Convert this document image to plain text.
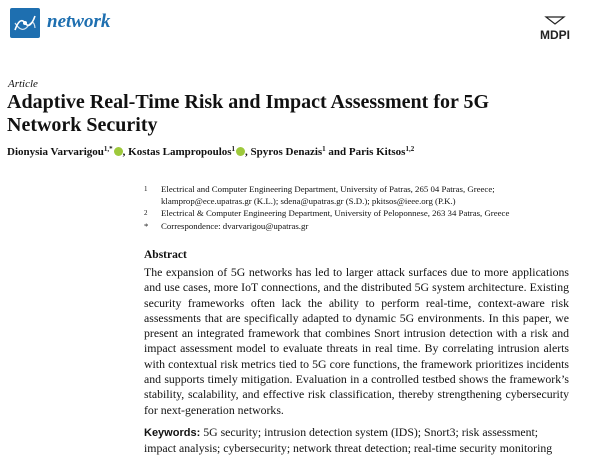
network
MDPI
Article
Adaptive Real-Time Risk and Impact Assessment for 5G Network Security
Dionysia Varvarigou$^{1,*}$ , Kostas Lampropoulos$^1$ , Spyros Denazis$^1$ and Paris Kitsos$^{1,2}$
1 Electrical and Computer Engineering Department, University of Patras, 265 04 Patras, Greece;
klamprop@ece.upatras.gr (K.L.); sdena@upatras.gr (S.D.); pkitsos@ieee.org (P.K.)
2 Electrical & Computer Engineering Department, University of Peloponnese, 263 34 Patras, Greece
* Correspondence: dvarvarigou@upatras.gr
Abstract
The expansion of 5G networks has led to larger attack surfaces due to more applications and use cases, more IoT connections, and the distributed 5G system architecture. Existing security frameworks often lack the ability to perform real-time, context-aware risk assessments that are specifically adapted to dynamic 5G environments. In this paper, we present an integrated framework that combines Snort intrusion detection with a risk and impact assessment model to evaluate threats in real time. By correlating intrusion alerts with contextual risk metrics tied to 5G core functions, the framework prioritizes incidents and supports timely mitigation. Evaluation in a controlled testbed shows the framework’s stability, scalability, and effective risk classification, thereby strengthening cybersecurity for next-generation networks.
Keywords: 5G security; intrusion detection system (IDS); Snort3; risk assessment; impact analysis; cybersecurity; network threat detection; real-time security monitoring
